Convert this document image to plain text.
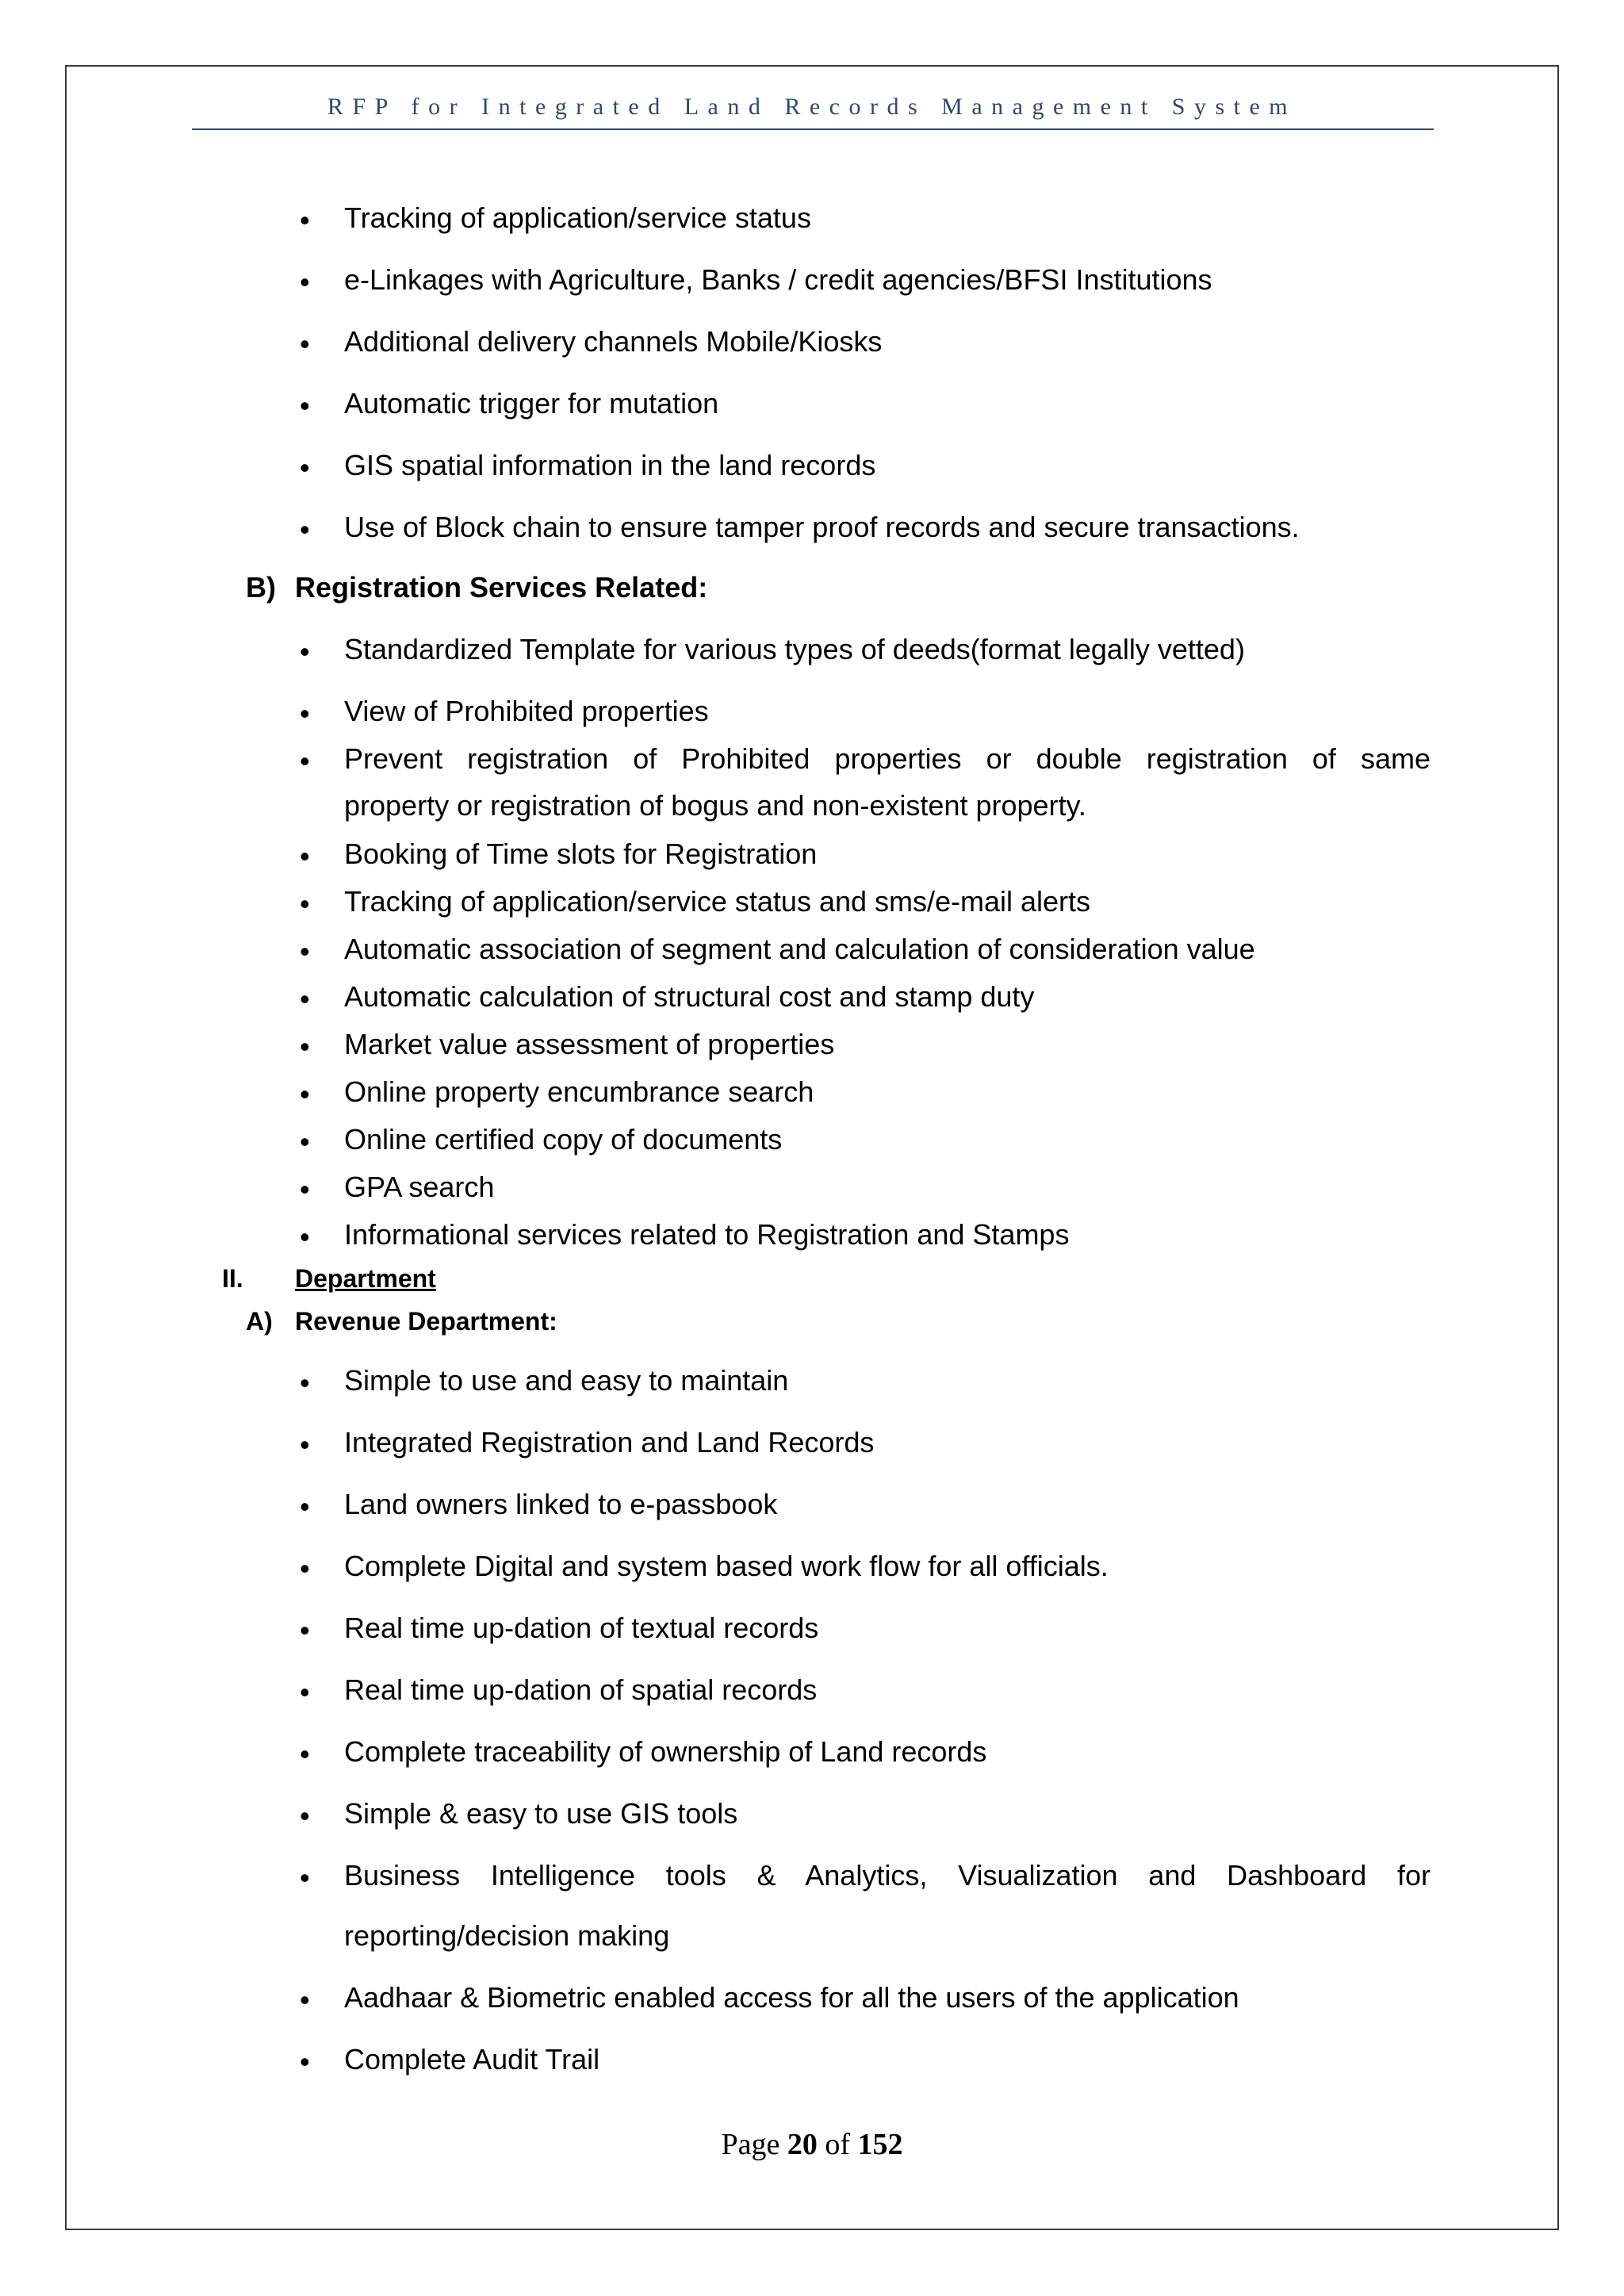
RFP for Integrated Land Records Management System
• Tracking of application/service status
• e-Linkages with Agriculture, Banks / credit agencies/BFSI Institutions
• Additional delivery channels Mobile/Kiosks
• Automatic trigger for mutation
• GIS spatial information in the land records
• Use of Block chain to ensure tamper proof records and secure transactions.
B) Registration Services Related:
• Standardized Template for various types of deeds(format legally vetted)
• View of Prohibited properties
• Prevent registration of Prohibited properties or double registration of same
property or registration of bogus and non-existent property.
• Booking of Time slots for Registration
• Tracking of application/service status and sms/e-mail alerts
• Automatic association of segment and calculation of consideration value
• Automatic calculation of structural cost and stamp duty
• Market value assessment of properties
• Online property encumbrance search
• Online certified copy of documents
• GPA search
• Informational services related to Registration and Stamps
II. Department
A) Revenue Department:
• Simple to use and easy to maintain
• Integrated Registration and Land Records
• Land owners linked to e-passbook
• Complete Digital and system based work flow for all officials.
• Real time up-dation of textual records
• Real time up-dation of spatial records
• Complete traceability of ownership of Land records
• Simple & easy to use GIS tools
• Business Intelligence tools & Analytics, Visualization and Dashboard for
reporting/decision making
• Aadhaar & Biometric enabled access for all the users of the application
• Complete Audit Trail
Page 20 of 152
